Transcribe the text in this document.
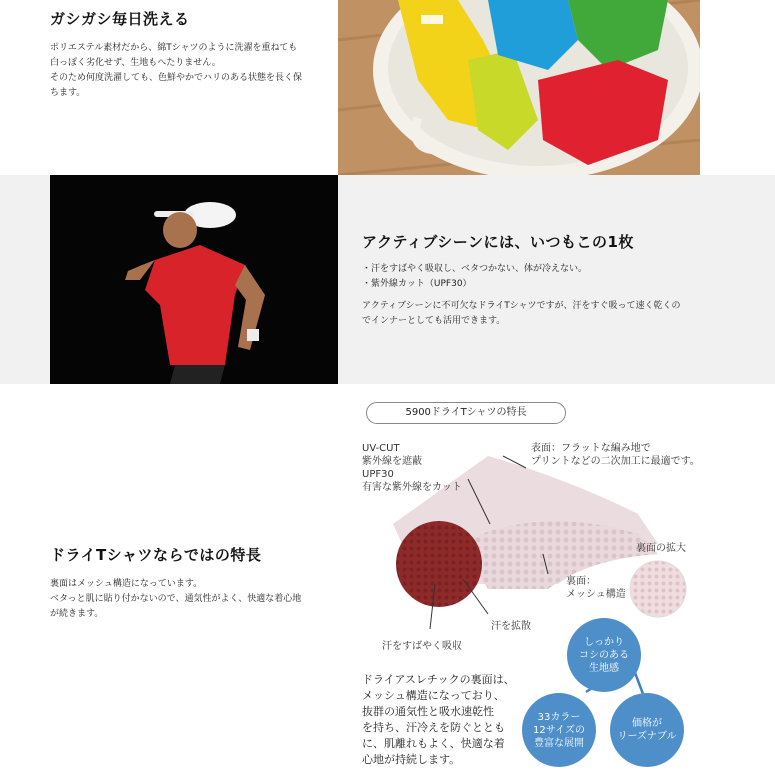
ガシガシ毎日洗える

ポリエステル素材だから、綿Tシャツのように洗濯を重ねても
白っぽく劣化せず、生地もへたりません。
そのため何度洗濯しても、色鮮やかでハリのある状態を長く保
ちます。

アクティブシーンには、いつもこの1枚

・汗をすばやく吸収し、ベタつかない、体が冷えない。
・紫外線カット（UPF30）

アクティブシーンに不可欠なドライTシャツですが、汗をすぐ吸って速く乾くの
でインナーとしても活用できます。

ドライTシャツならではの特長

裏面はメッシュ構造になっています。
ベタっと肌に貼り付かないので、通気性がよく、快適な着心地
が続きます。

5900ドライTシャツの特長
UV-CUT
紫外線を遮蔽
UPF30
有害な紫外線をカット
表面：フラットな編み地で
プリントなどの二次加工に最適です。
裏面の拡大
裏面：
メッシュ構造
汗を拡散
汗をすばやく吸収
ドライアスレチックの裏面は、
メッシュ構造になっており、
抜群の通気性と吸水速乾性
を持ち、汗冷えを防ぐととも
に、肌離れもよく、快適な着
心地が持続します。
しっかり
コシのある
生地感
33カラー
12サイズの
豊富な展開
価格が
リーズナブル
